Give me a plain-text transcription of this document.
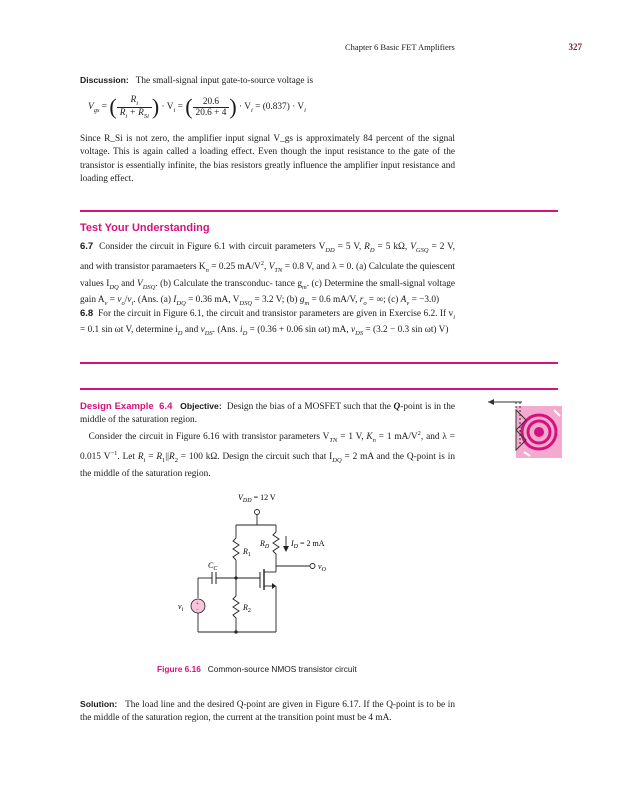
Chapter 6 Basic FET Amplifiers	327
Discussion: The small-signal input gate-to-source voltage is
$V_{gs}$ = ( $\frac{R_i}{R_i + R_{Si}}$ ) · $V_i$ = ( $\frac{20.6}{20.6 + 4}$ ) · $V_i = (0.837) \cdot V_i$
Since R_Si is not zero, the amplifier input signal V_gs is approximately 84 percent of the signal voltage. This is again called a loading effect. Even though the input resistance to the gate of the transistor is essentially infinite, the bias resistors greatly influence the amplifier input resistance and loading effect.
Test Your Understanding
6.7 Consider the circuit in Figure 6.1 with circuit parameters $V_{DD} = 5$ V, $R_D = 5$ kΩ, $V_{GSQ} = 2$ V, and with transistor paramaeters $K_n = 0.25$ $mA/V^2$, $V_{TN} = 0.8$ V, and λ = 0. (a) Calculate the quiescent values $I_{DQ}$ and $V_{DSQ}$. (b) Calculate the transconduc- tance $g_m$. (c) Determine the small-signal voltage gain $A_v = v_o/v_i$. (Ans. (a) $I_{DQ} = 0.36$ mA, $V_{DSQ} = 3.2$ V; (b) $g_m = 0.6$ mA/V, $r_o$ = ∞; (c) $A_v = -3.0$)
6.8 For the circuit in Figure 6.1, the circuit and transistor parameters are given in Exercise 6.2. If $v_i = 0.1$ sin ωt V, determine $i_D$ and $v_{DS}$. (Ans. $i_D = (0.36 + 0.06$ sin ωt) mA, $v_{DS} = (3.2 - 0.3$ sin ωt) V)
Design Example 6.4 Objective: Design the bias of a MOSFET such that the Q-point is in the middle of the saturation region.
Consider the circuit in Figure 6.16 with transistor parameters $V_{TN} = 1$ V, $K_n = 1$ $mA/V^2$, and λ = 0.015 $V^{-1}$. Let $R_i = R_1||R_2 = 100$ kΩ. Design the circuit such that $I_{DQ} = 2$ mA and the Q-point is in the middle of the saturation region.
$V_{DD} = 12$ V
$R_1$
$R_D$	$I_D = 2$ mA
$v_O$
$C_C$
+
−
$v_i$	$R_2$
Figure 6.16 Common-source NMOS transistor circuit
Solution: The load line and the desired Q-point are given in Figure 6.17. If the Q-point is to be in the middle of the saturation region, the current at the transition point must be 4 mA.
